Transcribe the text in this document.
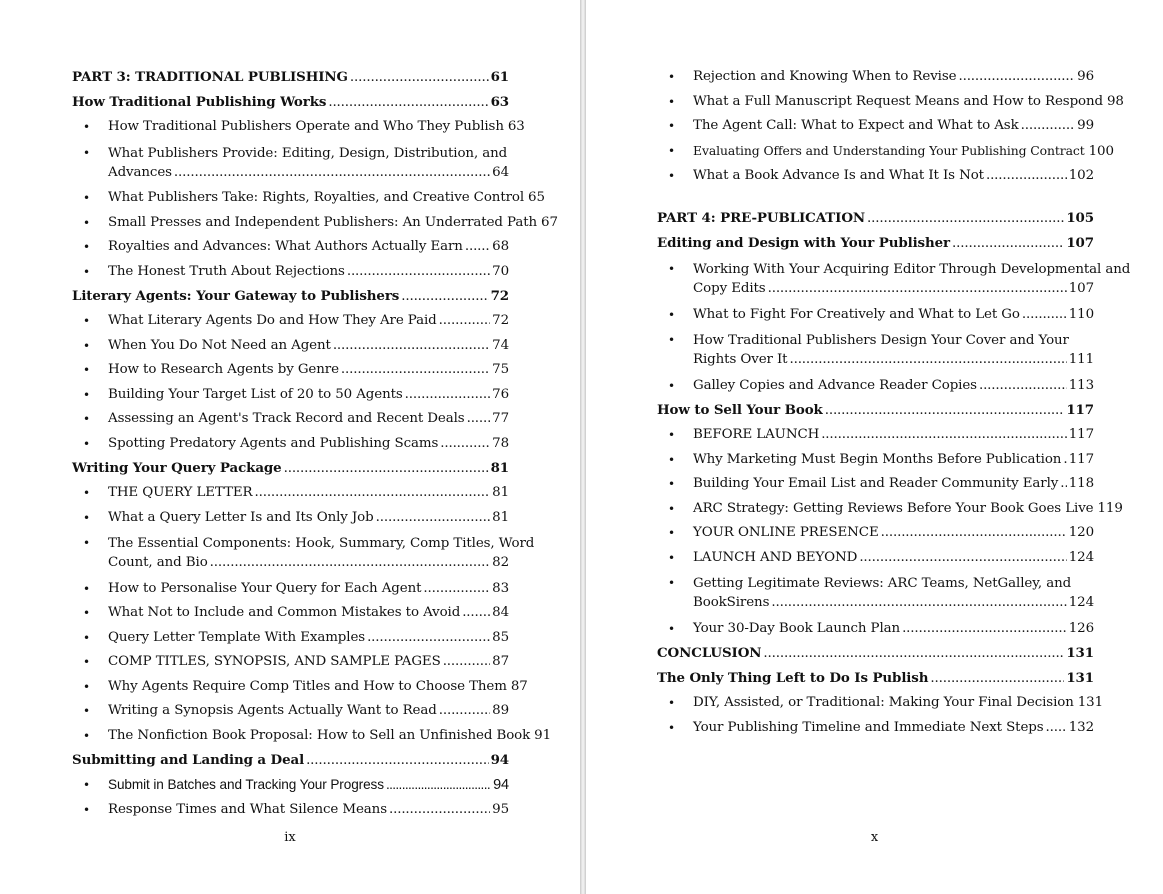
PART 3: TRADITIONAL PUBLISHING . . .	61
How Traditional Publishing Works . . .	63
• How Traditional Publishers Operate and Who They Publish 63
• What Publishers Provide: Editing, Design, Distribution, and
Advances . . .	64
• What Publishers Take: Rights, Royalties, and Creative Control 65
• Small Presses and Independent Publishers: An Underrated Path 67
• Royalties and Advances: What Authors Actually Earn . . . 68
• The Honest Truth About Rejections . . .	70
Literary Agents: Your Gateway to Publishers . . .	72
• What Literary Agents Do and How They Are Paid . . .	72
• When You Do Not Need an Agent . . .	74
• How to Research Agents by Genre . . .	75
• Building Your Target List of 20 to 50 Agents . . .	76
• Assessing an Agent's Track Record and Recent Deals . . . 77
• Spotting Predatory Agents and Publishing Scams . . .	78
Writing Your Query Package . . .	81
• THE QUERY LETTER . . .	81
• What a Query Letter Is and Its Only Job . . .	81
• The Essential Components: Hook, Summary, Comp Titles, Word
Count, and Bio . . .	82
• How to Personalise Your Query for Each Agent . . .	83
• What Not to Include and Common Mistakes to Avoid . . . 84
• Query Letter Template With Examples . . .	85
• COMP TITLES, SYNOPSIS, AND SAMPLE PAGES . . .	87
• Why Agents Require Comp Titles and How to Choose Them 87
• Writing a Synopsis Agents Actually Want to Read . . .	89
• The Nonfiction Book Proposal: How to Sell an Unfinished Book 91
Submitting and Landing a Deal . . .	94
• Submit in Batches and Tracking Your Progress . . .	94
• Response Times and What Silence Means . . .	95
ix
• Rejection and Knowing When to Revise . . .	96
• What a Full Manuscript Request Means and How to Respond 98
• The Agent Call: What to Expect and What to Ask . . .	99
• Evaluating Offers and Understanding Your Publishing Contract 100
• What a Book Advance Is and What It Is Not . . .	102
PART 4: PRE-PUBLICATION . . .	105
Editing and Design with Your Publisher . . .	107
• Working With Your Acquiring Editor Through Developmental and
Copy Edits . . .	107
• What to Fight For Creatively and What to Let Go . . .	110
• How Traditional Publishers Design Your Cover and Your
Rights Over It . . .	111
• Galley Copies and Advance Reader Copies . . .	113
How to Sell Your Book . . .	117
• BEFORE LAUNCH . . .	117
• Why Marketing Must Begin Months Before Publication . . . 117
• Building Your Email List and Reader Community Early . . . 118
• ARC Strategy: Getting Reviews Before Your Book Goes Live 119
• YOUR ONLINE PRESENCE . . .	120
• LAUNCH AND BEYOND . . .	124
• Getting Legitimate Reviews: ARC Teams, NetGalley, and
BookSirens . . .	124
• Your 30-Day Book Launch Plan . . .	126
CONCLUSION . . .	131
The Only Thing Left to Do Is Publish . . .	131
• DIY, Assisted, or Traditional: Making Your Final Decision 131
• Your Publishing Timeline and Immediate Next Steps . . . 132
x
